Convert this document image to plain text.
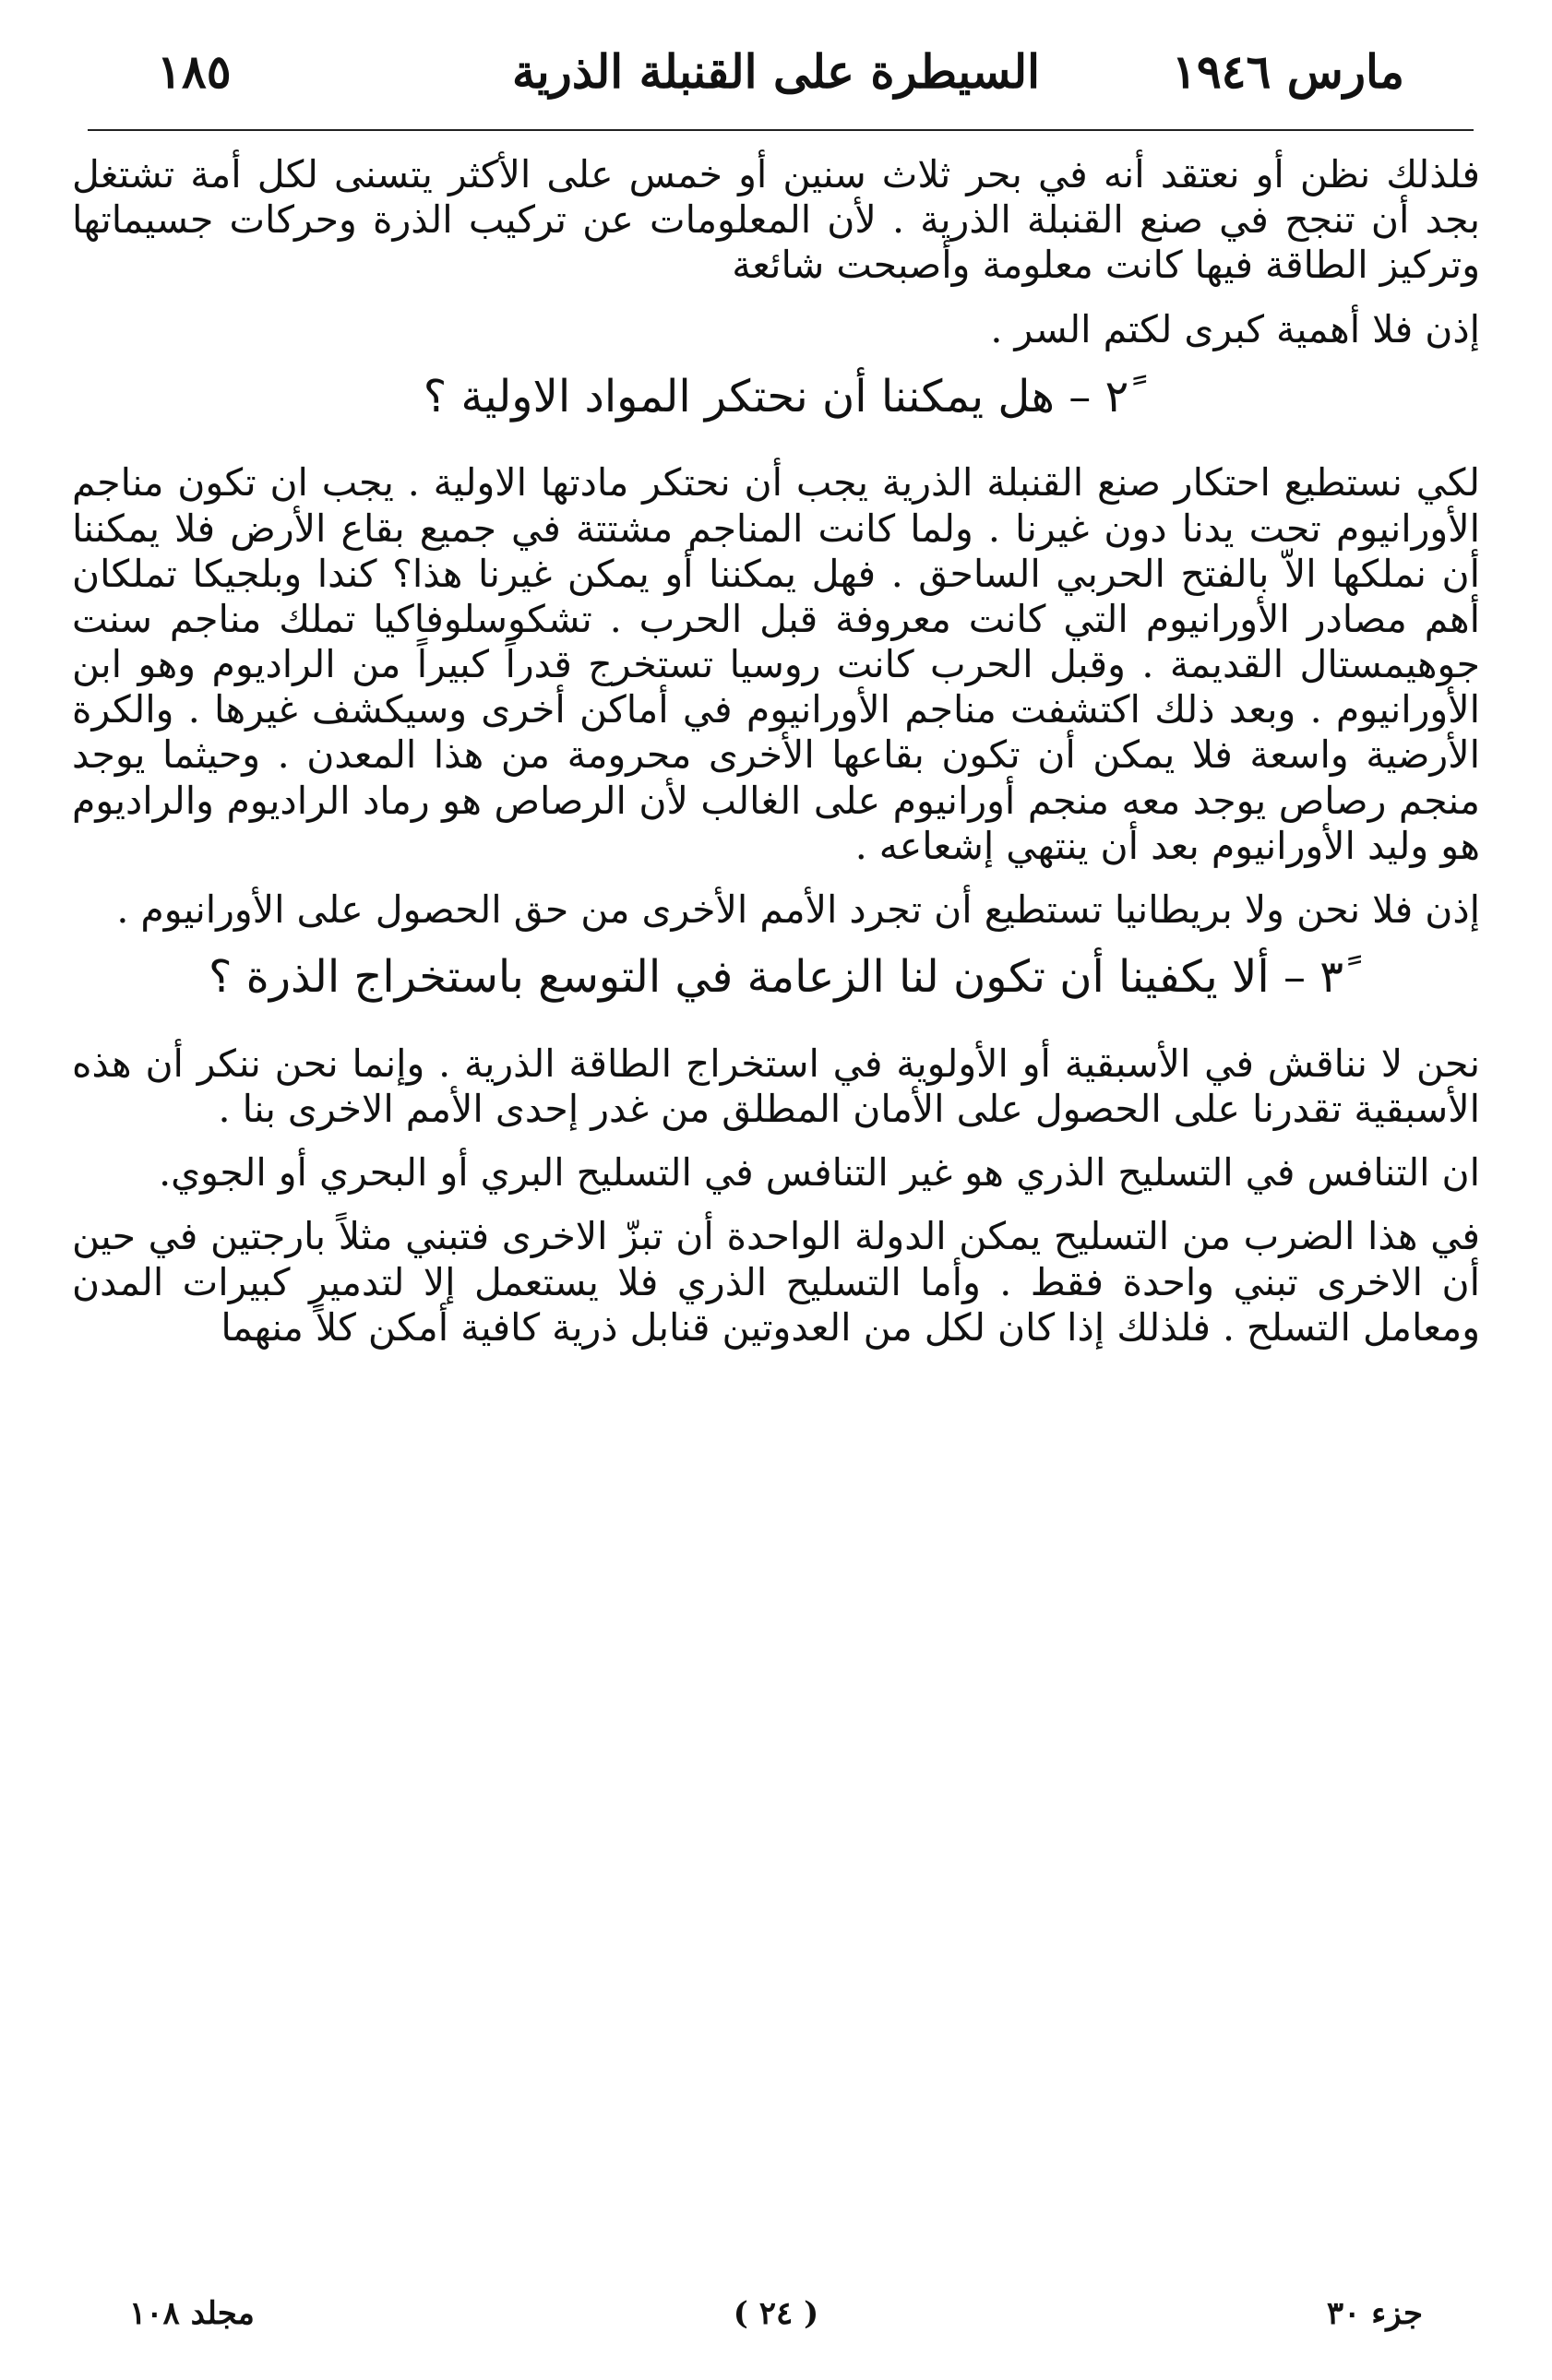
مارس ١٩٤٦
السيطرة على القنبلة الذرية
١٨٥

فلذلك نظن أو نعتقد أنه في بحر ثلاث سنين أو خمس على الأكثر يتسنى لكل أمة تشتغل بجد أن تنجح في صنع القنبلة الذرية . لأن المعلومات عن تركيب الذرة وحركات جسيماتها وتركيز الطاقة فيها كانت معلومة وأصبحت شائعة

إذن فلا أهمية كبرى لكتم السر .

٢ً – هل يمكننا أن نحتكر المواد الاولية ؟

لكي نستطيع احتكار صنع القنبلة الذرية يجب أن نحتكر مادتها الاولية . يجب ان تكون مناجم الأورانيوم تحت يدنا دون غيرنا . ولما كانت المناجم مشتتة في جميع بقاع الأرض فلا يمكننا أن نملكها الاّ بالفتح الحربي الساحق . فهل يمكننا أو يمكن غيرنا هذا؟ كندا وبلجيكا تملكان أهم مصادر الأورانيوم التي كانت معروفة قبل الحرب . تشكوسلوفاكيا تملك مناجم سنت جوهيمستال القديمة . وقبل الحرب كانت روسيا تستخرج قدراً كبيراً من الراديوم وهو ابن الأورانيوم . وبعد ذلك اكتشفت مناجم الأورانيوم في أماكن أخرى وسيكشف غيرها . والكرة الأرضية واسعة فلا يمكن أن تكون بقاعها الأخرى محرومة من هذا المعدن . وحيثما يوجد منجم رصاص يوجد معه منجم أورانيوم على الغالب لأن الرصاص هو رماد الراديوم والراديوم هو وليد الأورانيوم بعد أن ينتهي إشعاعه .

إذن فلا نحن ولا بريطانيا تستطيع أن تجرد الأمم الأخرى من حق الحصول على الأورانيوم .

٣ً – ألا يكفينا أن تكون لنا الزعامة في التوسع باستخراج الذرة ؟

نحن لا نناقش في الأسبقية أو الأولوية في استخراج الطاقة الذرية . وإنما نحن ننكر أن هذه الأسبقية تقدرنا على الحصول على الأمان المطلق من غدر إحدى الأمم الاخرى بنا .

ان التنافس في التسليح الذري هو غير التنافس في التسليح البري أو البحري أو الجوي.

في هذا الضرب من التسليح يمكن الدولة الواحدة أن تبزّ الاخرى فتبني مثلاً بارجتين في حين أن الاخرى تبني واحدة فقط . وأما التسليح الذري فلا يستعمل إلا لتدمير كبيرات المدن ومعامل التسلح . فلذلك إذا كان لكل من العدوتين قنابل ذرية كافية أمكن كلاً منهما

جزء ٣٠
( ٢٤ )
مجلد ١٠٨
